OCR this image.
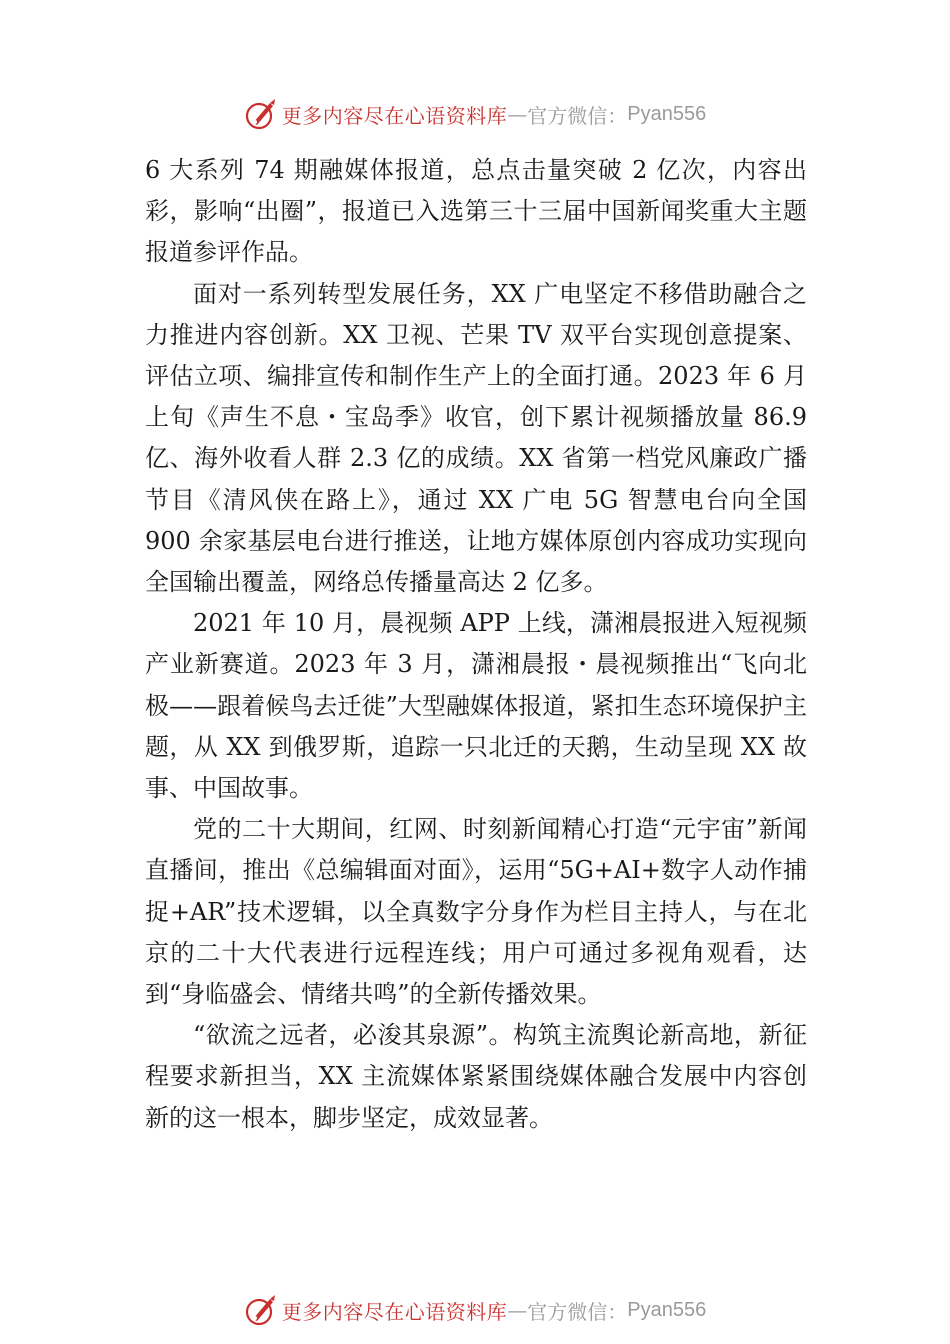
更多内容尽在心语资料库 — 官方微信： Pyan556

6 大系列 74 期融媒体报道，总点击量突破 2 亿次，内容出彩，影响“出圈”，报道已入选第三十三届中国新闻奖重大主题报道参评作品。

面对一系列转型发展任务，XX 广电坚定不移借助融合之力推进内容创新。XX 卫视、芒果 TV 双平台实现创意提案、评估立项、编排宣传和制作生产上的全面打通。2023 年 6 月上旬《声生不息・宝岛季》收官，创下累计视频播放量 86.9 亿、海外收看人群 2.3 亿的成绩。XX 省第一档党风廉政广播节目《清风侠在路上》，通过 XX 广电 5G 智慧电台向全国 900 余家基层电台进行推送，让地方媒体原创内容成功实现向全国输出覆盖，网络总传播量高达 2 亿多。

2021 年 10 月，晨视频 APP 上线，潇湘晨报进入短视频产业新赛道。2023 年 3 月，潇湘晨报・晨视频推出“飞向北极——跟着候鸟去迁徙”大型融媒体报道，紧扣生态环境保护主题，从 XX 到俄罗斯，追踪一只北迁的天鹅，生动呈现 XX 故事、中国故事。

党的二十大期间，红网、时刻新闻精心打造“元宇宙”新闻直播间，推出《总编辑面对面》，运用“5G+AI+数字人动作捕捉+AR”技术逻辑，以全真数字分身作为栏目主持人，与在北京的二十大代表进行远程连线；用户可通过多视角观看，达到“身临盛会、情绪共鸣”的全新传播效果。

“欲流之远者，必浚其泉源”。构筑主流舆论新高地，新征程要求新担当，XX 主流媒体紧紧围绕媒体融合发展中内容创新的这一根本，脚步坚定，成效显著。

更多内容尽在心语资料库 — 官方微信： Pyan556
